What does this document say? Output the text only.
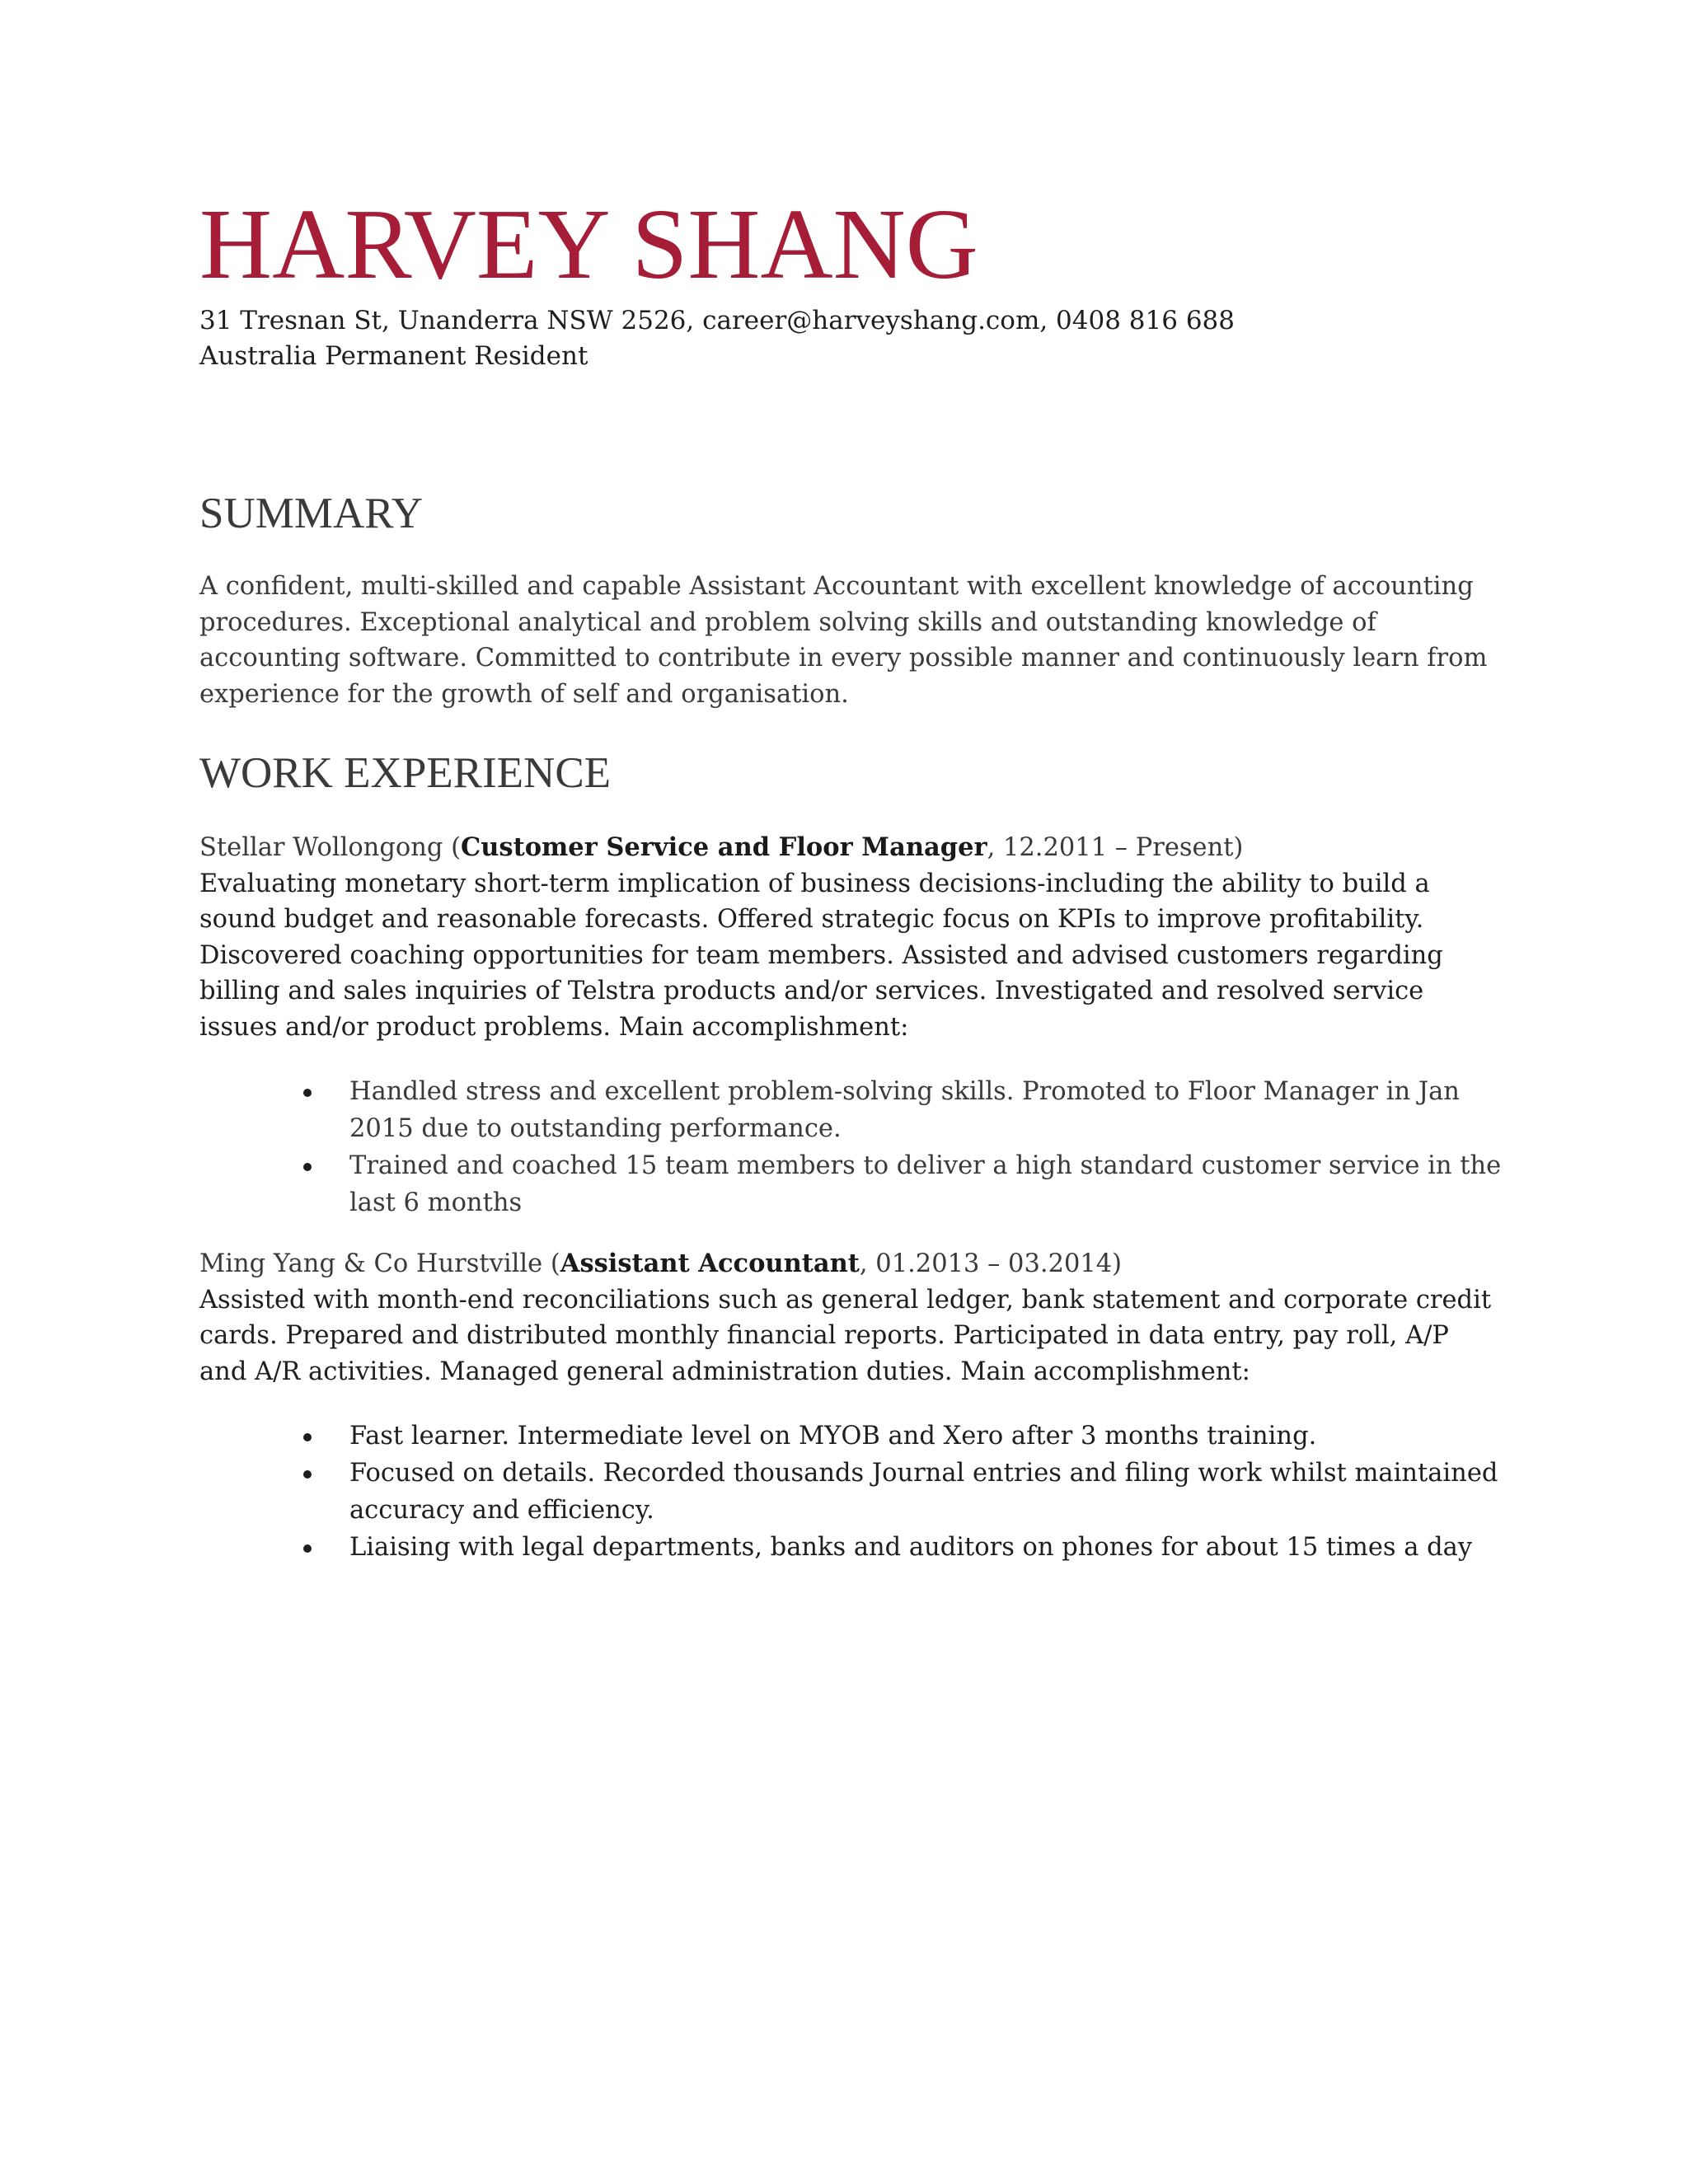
HARVEY SHANG

31 Tresnan St, Unanderra NSW 2526, career@harveyshang.com, 0408 816 688

Australia Permanent Resident

SUMMARY

A confident, multi-skilled and capable Assistant Accountant with excellent knowledge of accounting procedures. Exceptional analytical and problem solving skills and outstanding knowledge of accounting software. Committed to contribute in every possible manner and continuously learn from experience for the growth of self and organisation.

WORK EXPERIENCE

Stellar Wollongong (Customer Service and Floor Manager, 12.2011 – Present)

Evaluating monetary short-term implication of business decisions-including the ability to build a sound budget and reasonable forecasts. Offered strategic focus on KPIs to improve profitability. Discovered coaching opportunities for team members. Assisted and advised customers regarding billing and sales inquiries of Telstra products and/or services. Investigated and resolved service issues and/or product problems. Main accomplishment:

Handled stress and excellent problem-solving skills. Promoted to Floor Manager in Jan 2015 due to outstanding performance.
Trained and coached 15 team members to deliver a high standard customer service in the last 6 months

Ming Yang & Co Hurstville (Assistant Accountant, 01.2013 – 03.2014)

Assisted with month-end reconciliations such as general ledger, bank statement and corporate credit cards. Prepared and distributed monthly financial reports. Participated in data entry, pay roll, A/P and A/R activities. Managed general administration duties. Main accomplishment:

Fast learner. Intermediate level on MYOB and Xero after 3 months training.
Focused on details. Recorded thousands Journal entries and filing work whilst maintained accuracy and efficiency.
Liaising with legal departments, banks and auditors on phones for about 15 times a day
